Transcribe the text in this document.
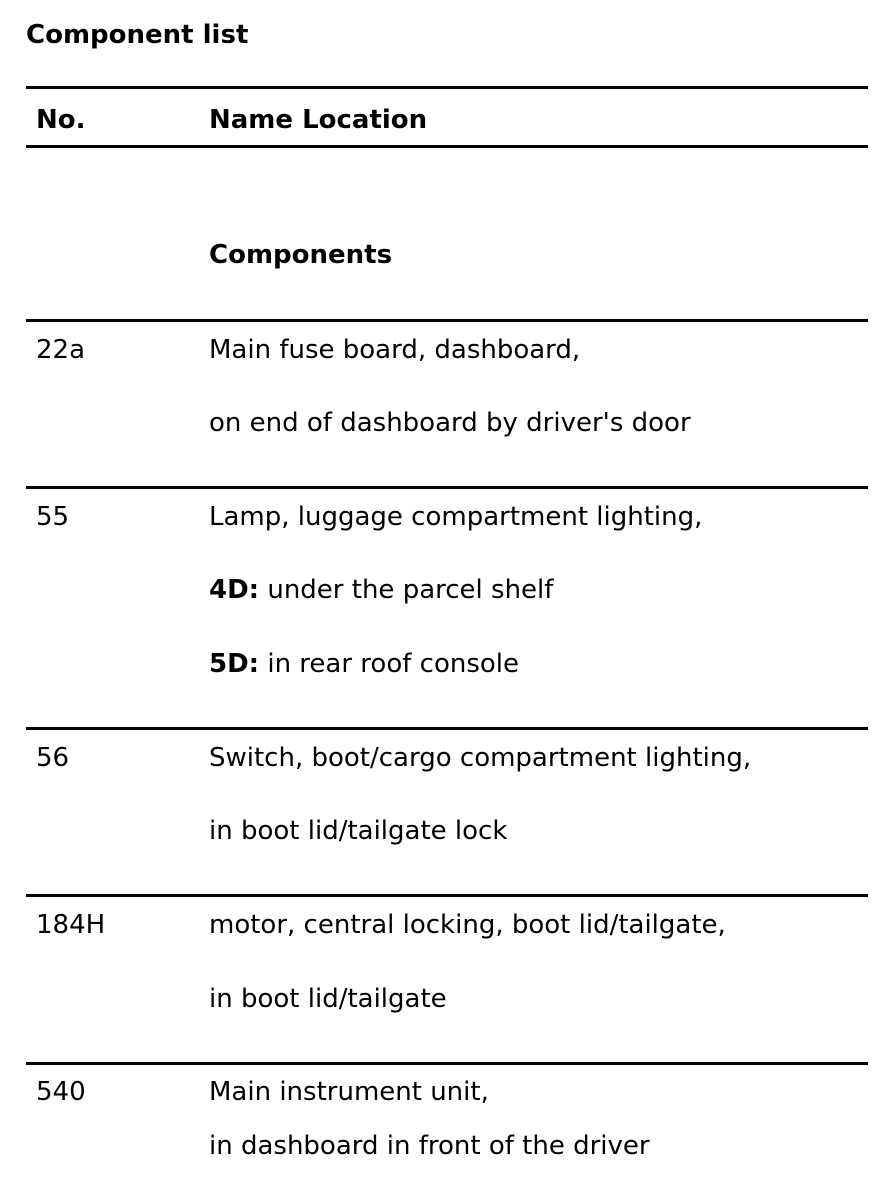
Component list
No.	Name Location
Components
22a	Main fuse board, dashboard,
on end of dashboard by driver's door
55	Lamp, luggage compartment lighting,
4D: under the parcel shelf
5D: in rear roof console
56	Switch, boot/cargo compartment lighting,
in boot lid/tailgate lock
184H	motor, central locking, boot lid/tailgate,
in boot lid/tailgate
540	Main instrument unit,
in dashboard in front of the driver
